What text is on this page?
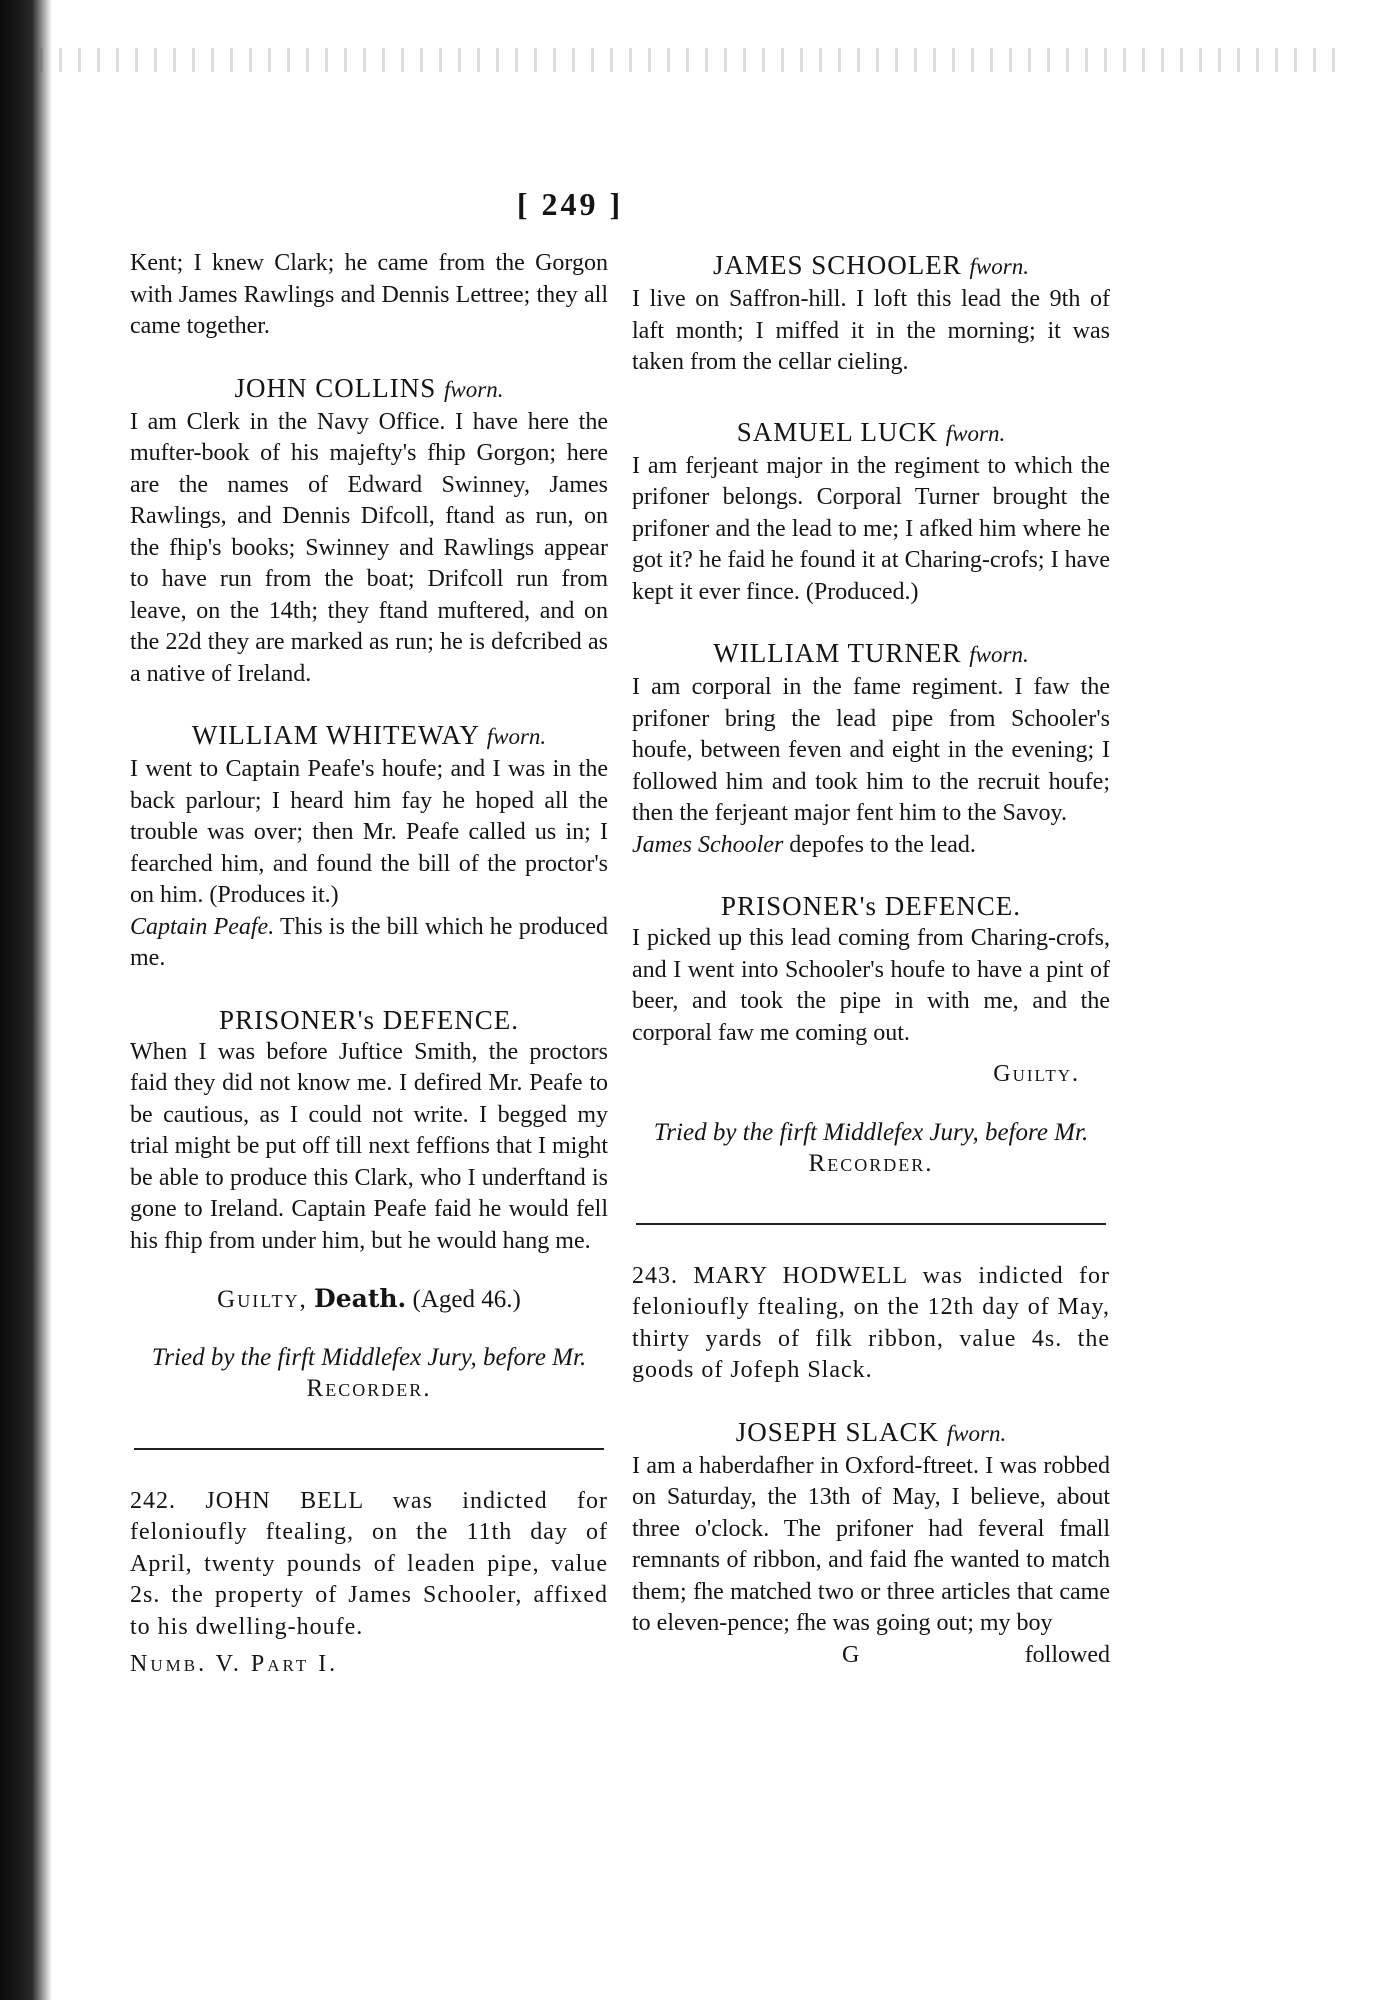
[ 249 ]

Kent; I knew Clark; he came from the Gorgon with James Rawlings and Dennis Lettree; they all came together.

JOHN COLLINS fworn.

I am Clerk in the Navy Office. I have here the mufter-book of his majefty's fhip Gorgon; here are the names of Edward Swinney, James Rawlings, and Dennis Difcoll, ftand as run, on the fhip's books; Swinney and Rawlings appear to have run from the boat; Drifcoll run from leave, on the 14th; they ftand muftered, and on the 22d they are marked as run; he is defcribed as a native of Ireland.

WILLIAM WHITEWAY fworn.

I went to Captain Peafe's houfe; and I was in the back parlour; I heard him fay he hoped all the trouble was over; then Mr. Peafe called us in; I fearched him, and found the bill of the proctor's on him. (Produces it.)

Captain Peafe. This is the bill which he produced me.

PRISONER's DEFENCE.

When I was before Juftice Smith, the proctors faid they did not know me. I defired Mr. Peafe to be cautious, as I could not write. I begged my trial might be put off till next feffions that I might be able to produce this Clark, who I underftand is gone to Ireland. Captain Peafe faid he would fell his fhip from under him, but he would hang me.

Guilty, Death. (Aged 46.)
Tried by the firft Middlefex Jury, before Mr. Recorder.

242. JOHN BELL was indicted for felonioufly ftealing, on the 11th day of April, twenty pounds of leaden pipe, value 2s. the property of James Schooler, affixed to his dwelling-houfe.

Numb. V. Part I.
JAMES SCHOOLER fworn.

I live on Saffron-hill. I loft this lead the 9th of laft month; I miffed it in the morning; it was taken from the cellar cieling.

SAMUEL LUCK fworn.

I am ferjeant major in the regiment to which the prifoner belongs. Corporal Turner brought the prifoner and the lead to me; I afked him where he got it? he faid he found it at Charing-crofs; I have kept it ever fince. (Produced.)

WILLIAM TURNER fworn.

I am corporal in the fame regiment. I faw the prifoner bring the lead pipe from Schooler's houfe, between feven and eight in the evening; I followed him and took him to the recruit houfe; then the ferjeant major fent him to the Savoy.

James Schooler depofes to the lead.

PRISONER's DEFENCE.

I picked up this lead coming from Charing-crofs, and I went into Schooler's houfe to have a pint of beer, and took the pipe in with me, and the corporal faw me coming out.

Guilty.
Tried by the firft Middlefex Jury, before Mr. Recorder.

243. MARY HODWELL was indicted for felonioufly ftealing, on the 12th day of May, thirty yards of filk ribbon, value 4s. the goods of Jofeph Slack.

JOSEPH SLACK fworn.

I am a haberdafher in Oxford-ftreet. I was robbed on Saturday, the 13th of May, I believe, about three o'clock. The prifoner had feveral fmall remnants of ribbon, and faid fhe wanted to match them; fhe matched two or three articles that came to eleven-pence; fhe was going out; my boy

G	followed
